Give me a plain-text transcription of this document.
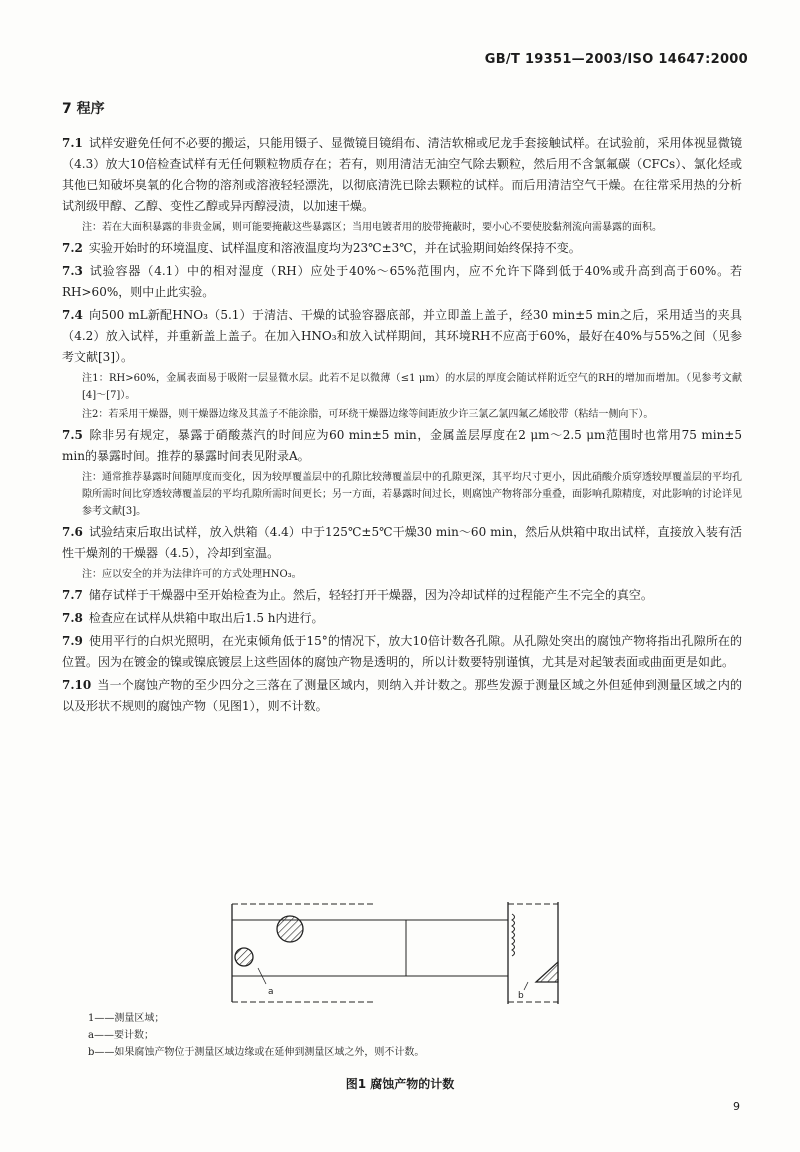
GB/T 19351—2003/ISO 14647:2000
7 程序

7.1 试样安避免任何不必要的搬运，只能用镊子、显微镜目镜绢布、清洁软棉或尼龙手套接触试样。在试验前，采用体视显微镜（4.3）放大10倍检查试样有无任何颗粒物质存在；若有，则用清洁无油空气除去颗粒，然后用不含氯氟碳（CFCs）、氯化烃或其他已知破坏臭氧的化合物的溶剂或溶液轻轻漂洗，以彻底清洗已除去颗粒的试样。而后用清洁空气干燥。在往常采用热的分析试剂级甲醇、乙醇、变性乙醇或异丙醇浸渍，以加速干燥。

注：若在大面积暴露的非贵金属，则可能要掩蔽这些暴露区；当用电镀者用的胶带掩蔽时，要小心不要使胶黏剂流向需暴露的面积。

7.2 实验开始时的环境温度、试样温度和溶液温度均为23℃±3℃，并在试验期间始终保持不变。

7.3 试验容器（4.1）中的相对湿度（RH）应处于40%～65%范围内，应不允许下降到低于40%或升高到高于60%。若RH>60%，则中止此实验。

7.4 向500 mL新配HNO₃（5.1）于清洁、干燥的试验容器底部，并立即盖上盖子，经30 min±5 min之后，采用适当的夹具（4.2）放入试样，并重新盖上盖子。在加入HNO₃和放入试样期间，其环境RH不应高于60%，最好在40%与55%之间（见参考文献[3]）。

注1：RH>60%，金属表面易于吸附一层显微水层。此若不足以微薄（≤1 μm）的水层的厚度会随试样附近空气的RH的增加而增加。（见参考文献[4]～[7]）。

注2：若采用干燥器，则干燥器边缘及其盖子不能涂脂，可环绕干燥器边缘等间距放少许三氯乙氯四氟乙烯胶带（粘结一侧向下）。

7.5 除非另有规定，暴露于硝酸蒸汽的时间应为60 min±5 min，金属盖层厚度在2 μm～2.5 μm范围时也常用75 min±5 min的暴露时间。推荐的暴露时间表见附录A。

注：通常推荐暴露时间随厚度而变化，因为较厚覆盖层中的孔隙比较薄覆盖层中的孔隙更深，其平均尺寸更小，因此硝酸介质穿透较厚覆盖层的平均孔隙所需时间比穿透较薄覆盖层的平均孔隙所需时间更长；另一方面，若暴露时间过长，则腐蚀产物将部分重叠，面影响孔隙精度，对此影响的讨论详见参考文献[3]。

7.6 试验结束后取出试样，放入烘箱（4.4）中于125℃±5℃干燥30 min～60 min，然后从烘箱中取出试样，直接放入装有活性干燥剂的干燥器（4.5），冷却到室温。

注：应以安全的并为法律许可的方式处理HNO₃。

7.7 储存试样于干燥器中至开始检查为止。然后，轻轻打开干燥器，因为冷却试样的过程能产生不完全的真空。

7.8 检查应在试样从烘箱中取出后1.5 h内进行。

7.9 使用平行的白炽光照明，在光束倾角低于15°的情况下，放大10倍计数各孔隙。从孔隙处突出的腐蚀产物将指出孔隙所在的位置。因为在镀金的镍或镍底镀层上这些固体的腐蚀产物是透明的，所以计数要特别谨慎，尤其是对起皱表面或曲面更是如此。

7.10 当一个腐蚀产物的至少四分之三落在了测量区域内，则纳入并计数之。那些发源于测量区域之外但延伸到测量区域之内的以及形状不规则的腐蚀产物（见图1），则不计数。

a	b
1——测量区域；
a——要计数；
b——如果腐蚀产物位于测量区域边缘或在延伸到测量区域之外，则不计数。
图1 腐蚀产物的计数
9
